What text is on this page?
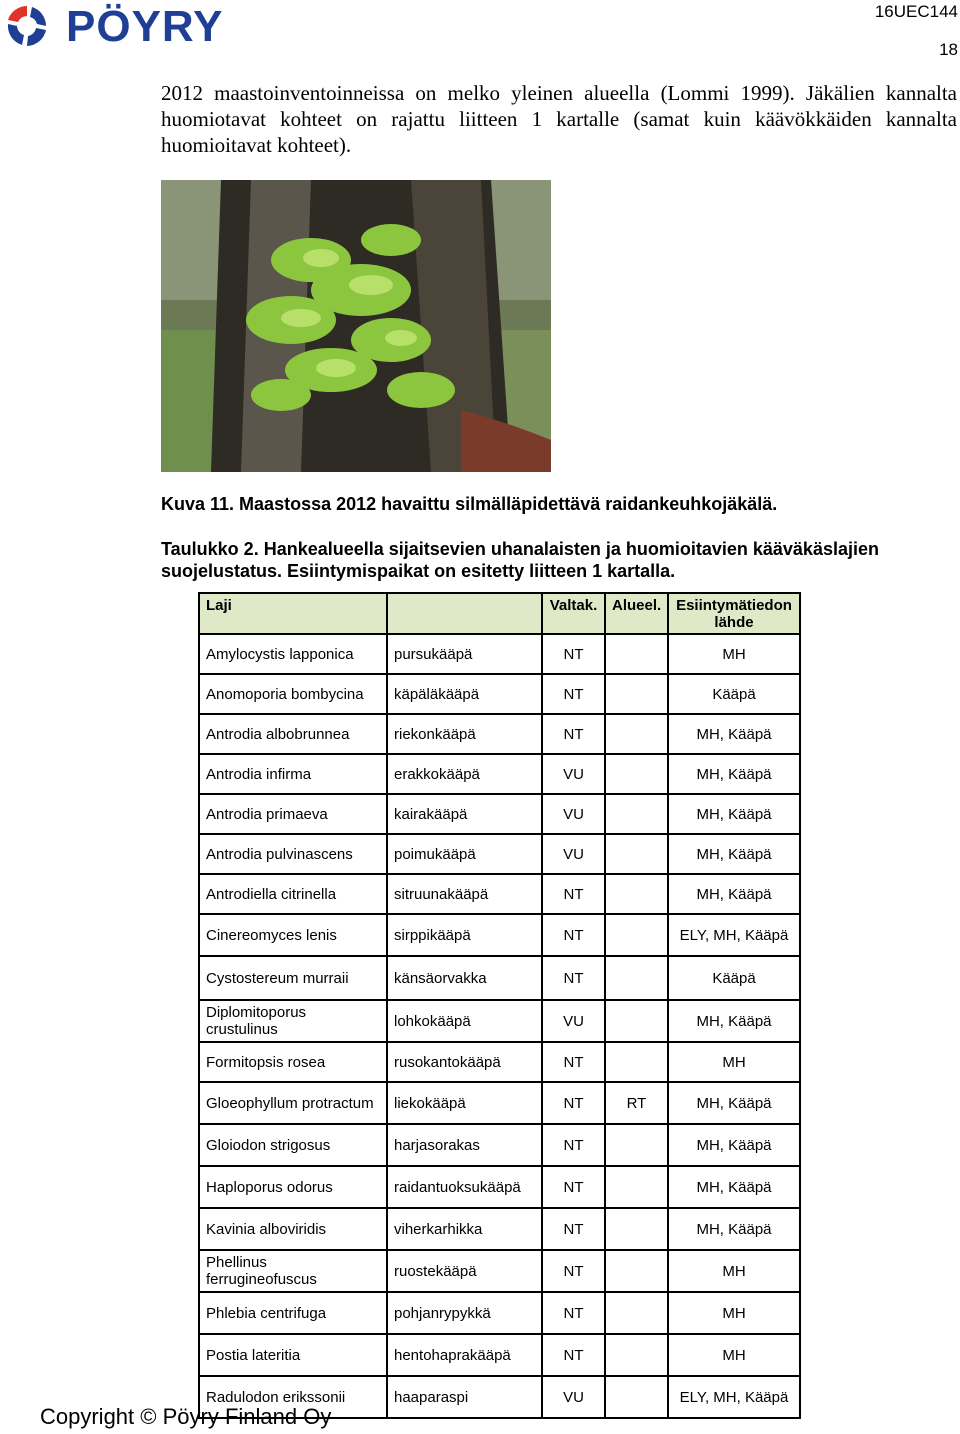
PÖYRY	16UEC144
18

2012 maastoinventoinneissa on melko yleinen alueella (Lommi 1999). Jäkälien kannalta huomiotavat kohteet on rajattu liitteen 1 kartalle (samat kuin käävökkäiden kannalta huomioitavat kohteet).

Kuva 11. Maastossa 2012 havaittu silmälläpidettävä raidankeuhkojäkälä.

Taulukko 2. Hankealueella sijaitsevien uhanalaisten ja huomioitavien kääväkäslajien suojelustatus. Esiintymispaikat on esitetty liitteen 1 kartalla.

Laji		Valtak.	Alueel.	Esiintymätiedon lähde
Amylocystis lapponica	pursukääpä	NT		MH
Anomoporia bombycina	käpäläkääpä	NT		Kääpä
Antrodia albobrunnea	riekonkääpä	NT		MH, Kääpä
Antrodia infirma	erakkokääpä	VU		MH, Kääpä
Antrodia primaeva	kairakääpä	VU		MH, Kääpä
Antrodia pulvinascens	poimukääpä	VU		MH, Kääpä
Antrodiella citrinella	sitruunakääpä	NT		MH, Kääpä
Cinereomyces lenis	sirppikääpä	NT		ELY, MH, Kääpä
Cystostereum murraii	känsäorvakka	NT		Kääpä
Diplomitoporus crustulinus	lohkokääpä	VU		MH, Kääpä
Formitopsis rosea	rusokantokääpä	NT		MH
Gloeophyllum protractum	liekokääpä	NT	RT	MH, Kääpä
Gloiodon strigosus	harjasorakas	NT		MH, Kääpä
Haploporus odorus	raidantuoksukääpä	NT		MH, Kääpä
Kavinia alboviridis	viherkarhikka	NT		MH, Kääpä
Phellinus ferrugineofuscus	ruostekääpä	NT		MH
Phlebia centrifuga	pohjanrypykkä	NT		MH
Postia lateritia	hentohaprakääpä	NT		MH
Radulodon erikssonii	haaparaspi	VU		ELY, MH, Kääpä

Copyright © Pöyry Finland Oy
